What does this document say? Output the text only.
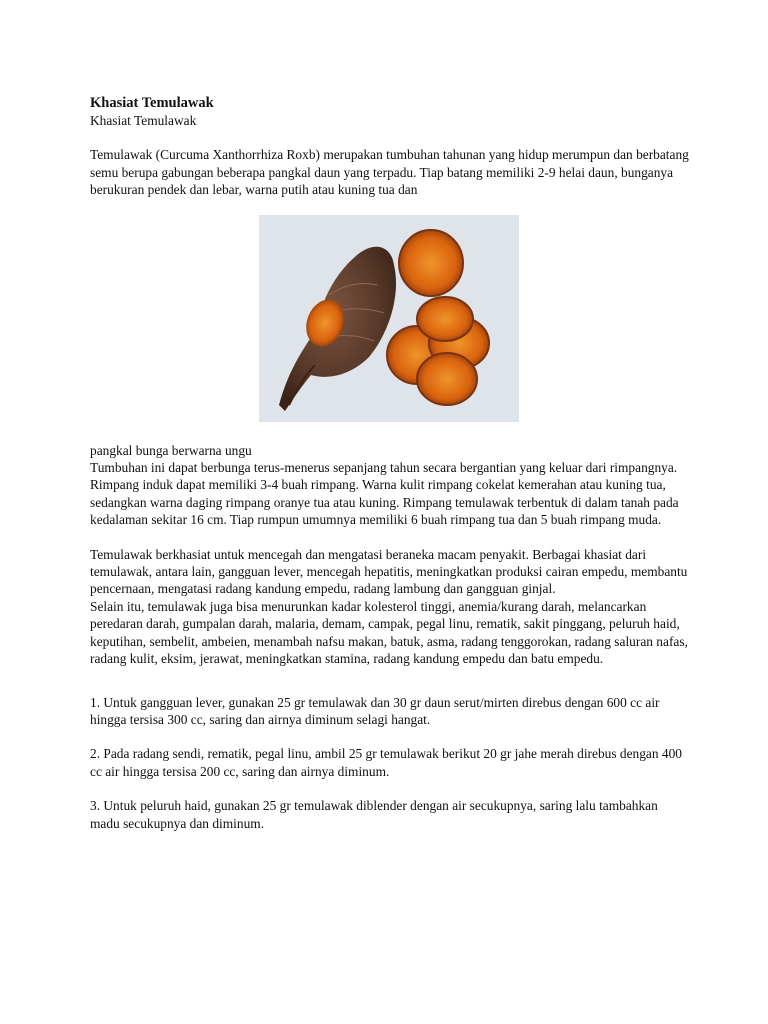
Khasiat Temulawak

Khasiat Temulawak

Temulawak (Curcuma Xanthorrhiza Roxb) merupakan tumbuhan tahunan yang hidup merumpun dan berbatang semu berupa gabungan beberapa pangkal daun yang terpadu. Tiap batang memiliki 2-9 helai daun, bunganya berukuran pendek dan lebar, warna putih atau kuning tua dan

pangkal bunga berwarna ungu

Tumbuhan ini dapat berbunga terus-menerus sepanjang tahun secara bergantian yang keluar dari rimpangnya. Rimpang induk dapat memiliki 3-4 buah rimpang. Warna kulit rimpang cokelat kemerahan atau kuning tua, sedangkan warna daging rimpang oranye tua atau kuning. Rimpang temulawak terbentuk di dalam tanah pada kedalaman sekitar 16 cm. Tiap rumpun umumnya memiliki 6 buah rimpang tua dan 5 buah rimpang muda.

Temulawak berkhasiat untuk mencegah dan mengatasi beraneka macam penyakit. Berbagai khasiat dari temulawak, antara lain, gangguan lever, mencegah hepatitis, meningkatkan produksi cairan empedu, membantu pencernaan, mengatasi radang kandung empedu, radang lambung dan gangguan ginjal.

Selain itu, temulawak juga bisa menurunkan kadar kolesterol tinggi, anemia/kurang darah, melancarkan peredaran darah, gumpalan darah, malaria, demam, campak, pegal linu, rematik, sakit pinggang, peluruh haid, keputihan, sembelit, ambeien, menambah nafsu makan, batuk, asma, radang tenggorokan, radang saluran nafas, radang kulit, eksim, jerawat, meningkatkan stamina, radang kandung empedu dan batu empedu.

1. Untuk gangguan lever, gunakan 25 gr temulawak dan 30 gr daun serut/mirten direbus dengan 600 cc air hingga tersisa 300 cc, saring dan airnya diminum selagi hangat.

2. Pada radang sendi, rematik, pegal linu, ambil 25 gr temulawak berikut 20 gr jahe merah direbus dengan 400 cc air hingga tersisa 200 cc, saring dan airnya diminum.

3. Untuk peluruh haid, gunakan 25 gr temulawak diblender dengan air secukupnya, saring lalu tambahkan madu secukupnya dan diminum.
